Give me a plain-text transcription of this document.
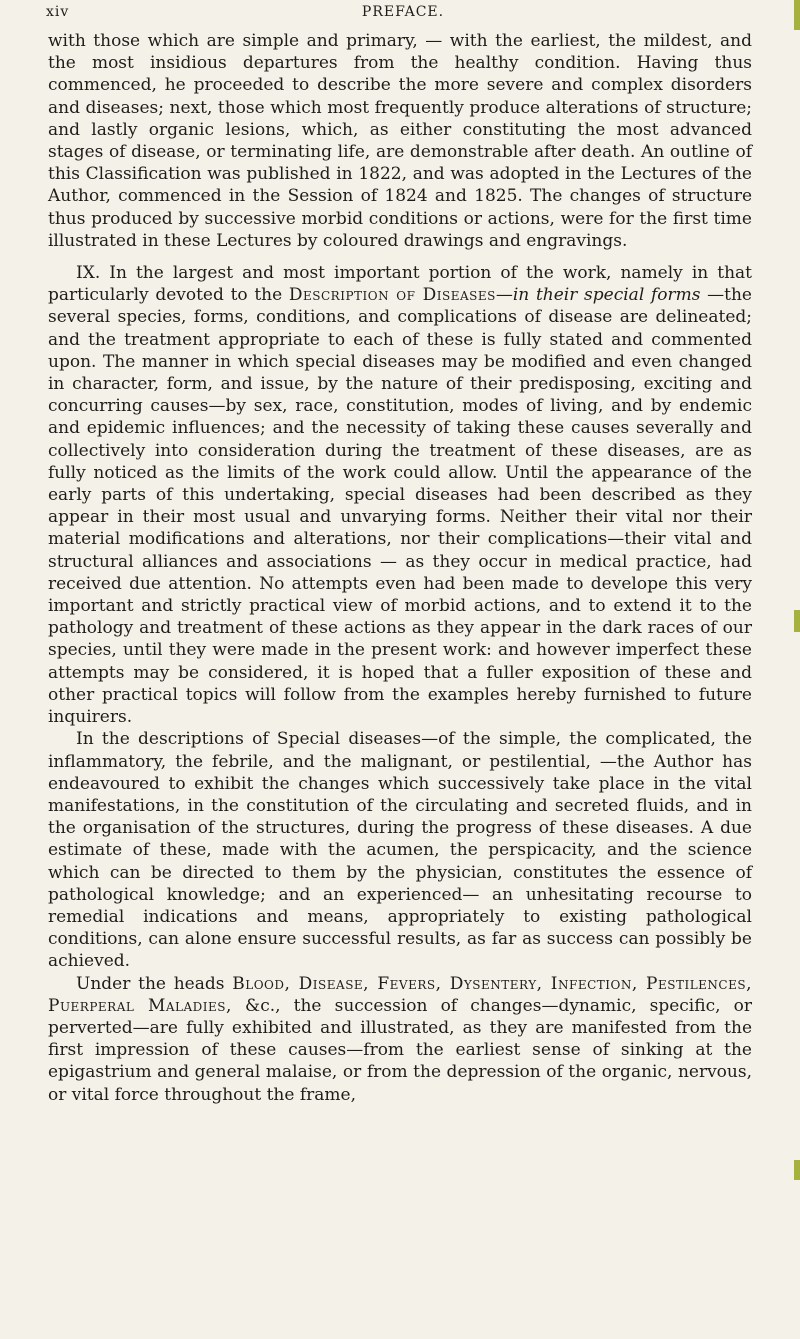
xiv	PREFACE.

with those which are simple and primary, — with the earliest, the mildest, and the most insidious departures from the healthy condition. Having thus commenced, he proceeded to describe the more severe and complex disorders and diseases; next, those which most frequently produce alterations of structure; and lastly organic lesions, which, as either constituting the most advanced stages of disease, or terminating life, are demonstrable after death. An outline of this Classification was published in 1822, and was adopted in the Lectures of the Author, commenced in the Session of 1824 and 1825. The changes of structure thus produced by successive morbid conditions or actions, were for the first time illustrated in these Lectures by coloured drawings and engravings.

IX. In the largest and most important portion of the work, namely in that particularly devoted to the Description of Diseases—in their special forms —the several species, forms, conditions, and complications of disease are delineated; and the treatment appropriate to each of these is fully stated and commented upon. The manner in which special diseases may be modified and even changed in character, form, and issue, by the nature of their predisposing, exciting and concurring causes—by sex, race, constitution, modes of living, and by endemic and epidemic influences; and the necessity of taking these causes severally and collectively into consideration during the treatment of these diseases, are as fully noticed as the limits of the work could allow. Until the appearance of the early parts of this undertaking, special diseases had been described as they appear in their most usual and unvarying forms. Neither their vital nor their material modifications and alterations, nor their complications—their vital and structural alliances and associations — as they occur in medical practice, had received due attention. No attempts even had been made to develope this very important and strictly practical view of morbid actions, and to extend it to the pathology and treatment of these actions as they appear in the dark races of our species, until they were made in the present work: and however imperfect these attempts may be considered, it is hoped that a fuller exposition of these and other practical topics will follow from the examples hereby furnished to future inquirers.

In the descriptions of Special diseases—of the simple, the complicated, the inflammatory, the febrile, and the malignant, or pestilential, —the Author has endeavoured to exhibit the changes which successively take place in the vital manifestations, in the constitution of the circulating and secreted fluids, and in the organisation of the structures, during the progress of these diseases. A due estimate of these, made with the acumen, the perspicacity, and the science which can be directed to them by the physician, constitutes the essence of pathological knowledge; and an experienced— an unhesitating recourse to remedial indications and means, appropriately to existing pathological conditions, can alone ensure successful results, as far as success can possibly be achieved.

Under the heads Blood, Disease, Fevers, Dysentery, Infection, Pestilences, Puerperal Maladies, &c., the succession of changes—dynamic, specific, or perverted—are fully exhibited and illustrated, as they are manifested from the first impression of these causes—from the earliest sense of sinking at the epigastrium and general malaise, or from the depression of the organic, nervous, or vital force throughout the frame,
